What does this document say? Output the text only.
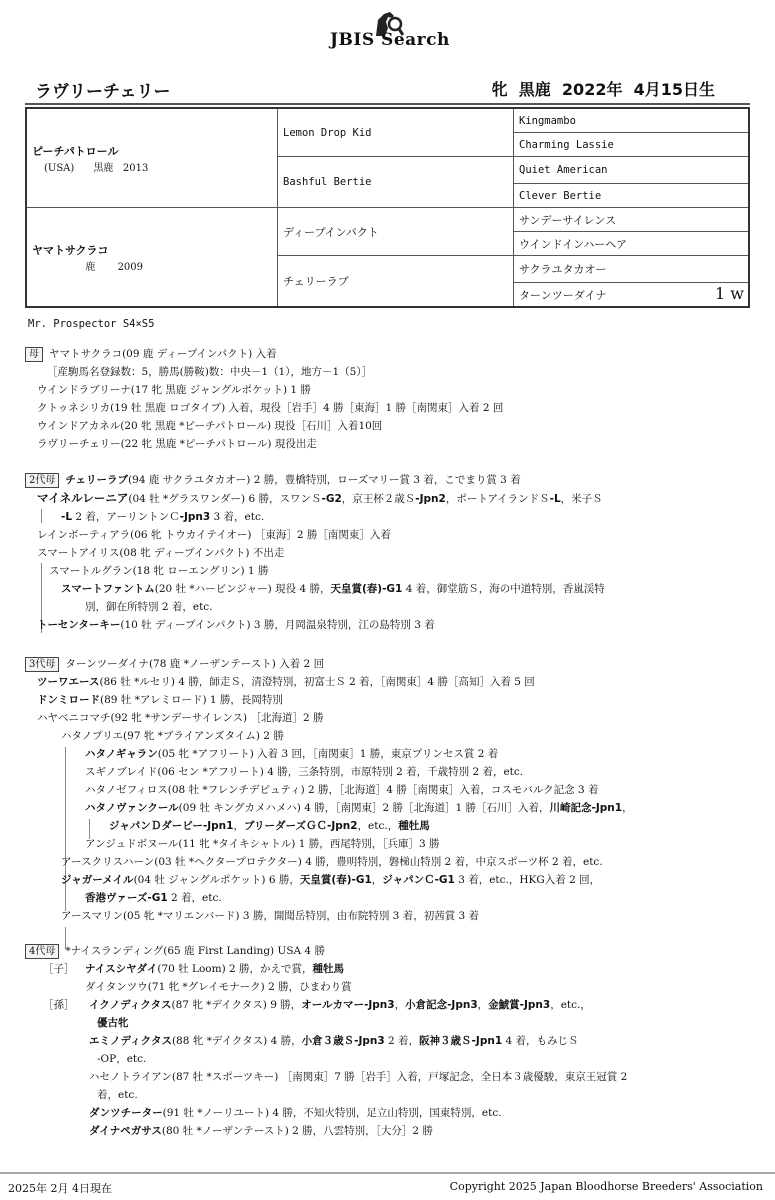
JBIS Search
ラヴリーチェリー	牝  黒鹿  2022年  4月15日生
ピーチパトロール
(USA)      黒鹿   2013	Lemon Drop Kid	Kingmambo
		Charming Lassie
	Bashful Bertie	Quiet American
		Clever Bertie

ヤマトサクラコ
鹿       2009	ディープインパクト	サンデーサイレンス
		ウインドインハーヘア
	チェリーラブ	サクラユタカオー
		ターンツーダイナ 1 w
Mr. Prospector S4×S5
母 ヤマトサクラコ(09 鹿 ディープインパクト) 入着
［産駒馬名登録数：5，勝馬(勝鞍)数：中央－1（1），地方－1（5）］
ウインドラブリーナ(17 牝 黒鹿 ジャングルポケット) 1 勝
クトゥネシリカ(19 牡 黒鹿 ロゴタイプ) 入着，現役［岩手］4 勝［東海］1 勝［南関東］入着 2 回
ウインドアカネル(20 牝 黒鹿 *ピーチパトロール) 現役［石川］入着10回
ラヴリーチェリー(22 牝 黒鹿 *ピーチパトロール) 現役出走
2代母 チェリーラブ(94 鹿 サクラユタカオー) 2 勝，豊橋特別，ローズマリー賞 3 着，こでまり賞 3 着
マイネルレーニア(04 牡 *グラスワンダー) 6 勝，スワンＳ-G2，京王杯２歳Ｓ-Jpn2，ポートアイランドＳ-L，米子Ｓ
-L 2 着，アーリントンＣ-Jpn3 3 着，etc.
レインボーティアラ(06 牝 トウカイテイオー) ［東海］2 勝［南関東］入着
スマートアイリス(08 牝 ディープインパクト) 不出走
スマートルグラン(18 牝 ローエングリン) 1 勝
スマートファントム(20 牡 *ハービンジャー) 現役 4 勝，天皇賞(春)-G1 4 着，御堂筋Ｓ，海の中道特別，香嵐渓特
別，御在所特別 2 着，etc.
トーセンターキー(10 牡 ディープインパクト) 3 勝，月岡温泉特別，江の島特別 3 着
3代母 ターンツーダイナ(78 鹿 *ノーザンテースト) 入着 2 回
ツーワエース(86 牡 *ルセリ) 4 勝，師走Ｓ，清澄特別，初富士Ｓ 2 着，［南関東］4 勝［高知］入着 5 回
ドンミロード(89 牡 *アレミロード) 1 勝，長岡特別
ハヤベニコマチ(92 牝 *サンデーサイレンス) ［北海道］2 勝
ハタノプリエ(97 牝 *ブライアンズタイム) 2 勝
ハタノギャラン(05 牝 *アフリート) 入着 3 回，［南関東］1 勝，東京プリンセス賞 2 着
スギノブレイド(06 セン *アフリート) 4 勝，三条特別，市原特別 2 着，千歳特別 2 着，etc.
ハタノゼフィロス(08 牡 *フレンチデピュティ) 2 勝，［北海道］4 勝［南関東］入着，コスモバルク記念 3 着
ハタノヴァンクール(09 牡 キングカメハメハ) 4 勝，［南関東］2 勝［北海道］1 勝［石川］入着，川崎記念-Jpn1，
ジャパンＤダービー-Jpn1，ブリーダーズＧＣ-Jpn2，etc.，種牡馬
アンジュドボヌール(11 牝 *タイキシャトル) 1 勝，西尾特別，［兵庫］3 勝
アースクリスハーン(03 牡 *ヘクタープロテクター) 4 勝，豊明特別，磐梯山特別 2 着，中京スポーツ杯 2 着，etc.
ジャガーメイル(04 牡 ジャングルポケット) 6 勝，天皇賞(春)-G1，ジャパンＣ-G1 3 着，etc.，HKG入着 2 回，
香港ヴァーズ-G1 2 着，etc.
アースマリン(05 牝 *マリエンバード) 3 勝，開聞岳特別，由布院特別 3 着，初茜賞 3 着
4代母 *ナイスランディング(65 鹿 First Landing) USA 4 勝
［子］ ナイスシヤダイ(70 牡 Loom) 2 勝，かえで賞，種牡馬
ダイタンツウ(71 牝 *グレイモナーク) 2 勝，ひまわり賞
［孫］ イクノディクタス(87 牝 *デイクタス) 9 勝，オールカマー-Jpn3，小倉記念-Jpn3，金鯱賞-Jpn3，etc.，
優古牝
エミノディクタス(88 牝 *デイクタス) 4 勝，小倉３歳Ｓ-Jpn3 2 着，阪神３歳Ｓ-Jpn1 4 着，もみじＳ
-OP，etc.
ハセノトライアン(87 牡 *スポーツキー) ［南関東］7 勝［岩手］入着，戸塚記念，全日本３歳優駿，東京王冠賞 2
着，etc.
ダンツチーター(91 牡 *ノーリユート) 4 勝，不知火特別，足立山特別，国東特別，etc.
ダイナペガサス(80 牡 *ノーザンテースト) 2 勝，八雲特別，［大分］2 勝
2025年 2月 4日現在	Copyright 2025 Japan Bloodhorse Breeders' Association
